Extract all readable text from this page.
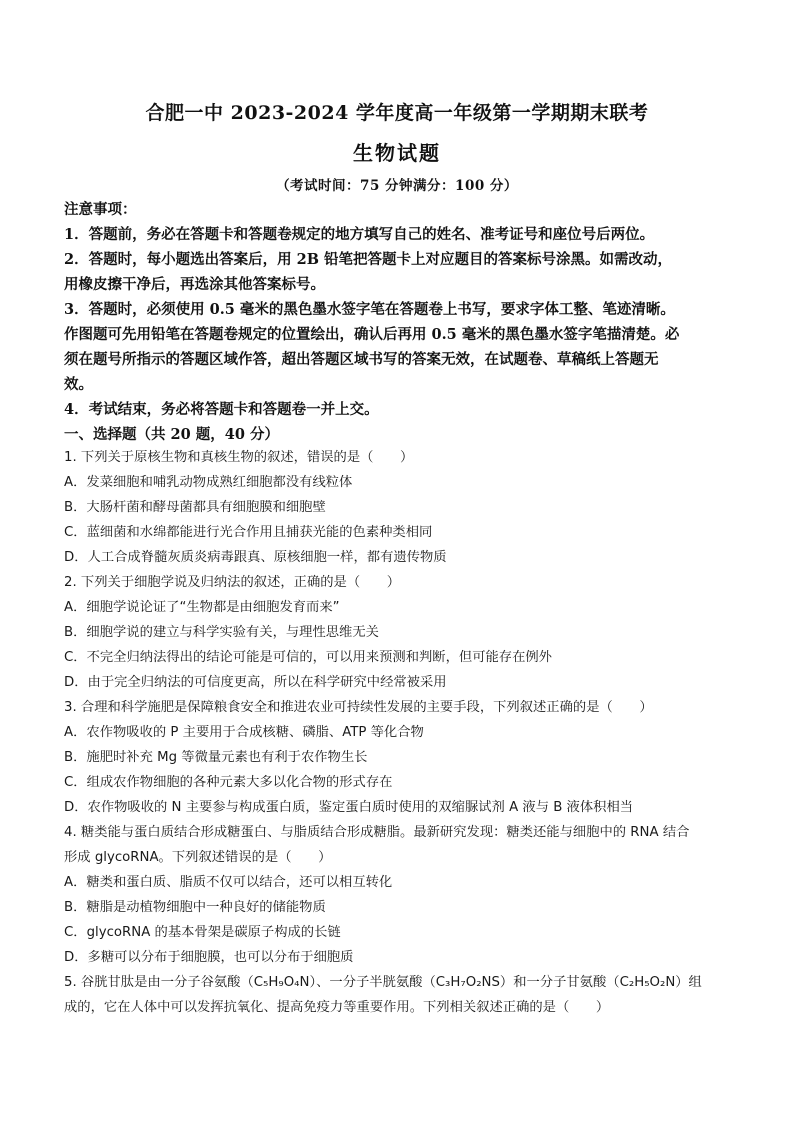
合肥一中 2023-2024 学年度高一年级第一学期期末联考
生物试题
（考试时间：75 分钟满分：100 分）
注意事项：
1．答题前，务必在答题卡和答题卷规定的地方填写自己的姓名、准考证号和座位号后两位。
2．答题时，每小题选出答案后，用 2B 铅笔把答题卡上对应题目的答案标号涂黑。如需改动，
用橡皮擦干净后，再选涂其他答案标号。
3．答题时，必须使用 0.5 毫米的黑色墨水签字笔在答题卷上书写，要求字体工整、笔迹清晰。
作图题可先用铅笔在答题卷规定的位置绘出，确认后再用 0.5 毫米的黑色墨水签字笔描清楚。必
须在题号所指示的答题区域作答，超出答题区域书写的答案无效，在试题卷、草稿纸上答题无
效。
4．考试结束，务必将答题卡和答题卷一并上交。
一、选择题（共 20 题，40 分）
1. 下列关于原核生物和真核生物的叙述，错误的是（　　）
A．发菜细胞和哺乳动物成熟红细胞都没有线粒体
B．大肠杆菌和酵母菌都具有细胞膜和细胞壁
C．蓝细菌和水绵都能进行光合作用且捕获光能的色素种类相同
D．人工合成脊髓灰质炎病毒跟真、原核细胞一样，都有遗传物质
2. 下列关于细胞学说及归纳法的叙述，正确的是（　　）
A．细胞学说论证了“生物都是由细胞发育而来”
B．细胞学说的建立与科学实验有关，与理性思维无关
C．不完全归纳法得出的结论可能是可信的，可以用来预测和判断，但可能存在例外
D．由于完全归纳法的可信度更高，所以在科学研究中经常被采用
3. 合理和科学施肥是保障粮食安全和推进农业可持续性发展的主要手段，下列叙述正确的是（　　）
A．农作物吸收的 P 主要用于合成核糖、磷脂、ATP 等化合物
B．施肥时补充 Mg 等微量元素也有利于农作物生长
C．组成农作物细胞的各种元素大多以化合物的形式存在
D．农作物吸收的 N 主要参与构成蛋白质，鉴定蛋白质时使用的双缩脲试剂 A 液与 B 液体积相当
4. 糖类能与蛋白质结合形成糖蛋白、与脂质结合形成糖脂。最新研究发现：糖类还能与细胞中的 RNA 结合
形成 glycoRNA。下列叙述错误的是（　　）
A．糖类和蛋白质、脂质不仅可以结合，还可以相互转化
B．糖脂是动植物细胞中一种良好的储能物质
C．glycoRNA 的基本骨架是碳原子构成的长链
D．多糖可以分布于细胞膜，也可以分布于细胞质
5. 谷胱甘肽是由一分子谷氨酸（C₅H₉O₄N）、一分子半胱氨酸（C₃H₇O₂NS）和一分子甘氨酸（C₂H₅O₂N）组
成的，它在人体中可以发挥抗氧化、提高免疫力等重要作用。下列相关叙述正确的是（　　）
